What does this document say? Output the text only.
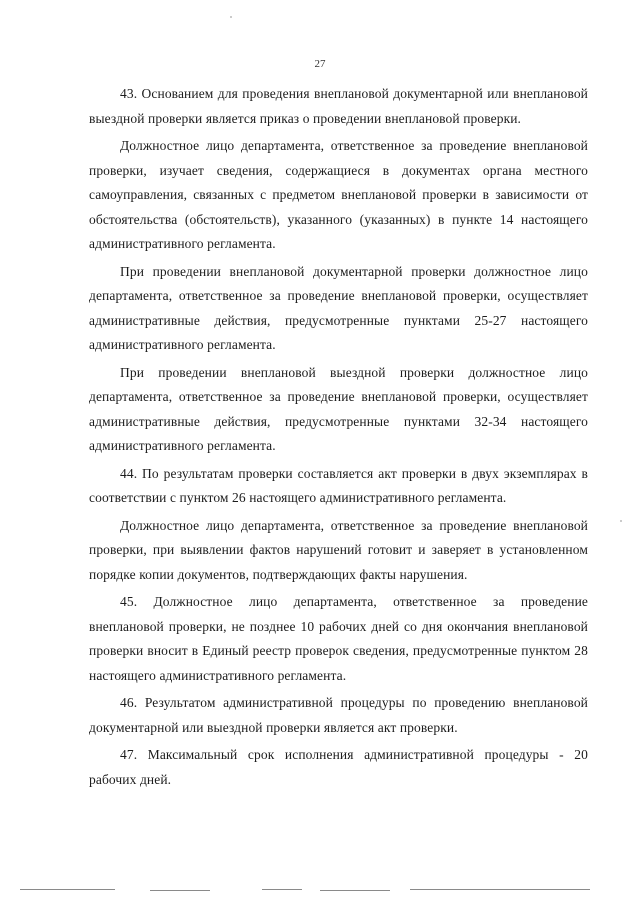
27

43. Основанием для проведения внеплановой документарной или внеплановой выездной проверки является приказ о проведении внеплановой проверки.

Должностное лицо департамента, ответственное за проведение внеплановой проверки, изучает сведения, содержащиеся в документах органа местного самоуправления, связанных с предметом внеплановой проверки в зависимости от обстоятельства (обстоятельств), указанного (указанных) в пункте 14 настоящего административного регламента.

При проведении внеплановой документарной проверки должностное лицо департамента, ответственное за проведение внеплановой проверки, осуществляет административные действия, предусмотренные пунктами 25-27 настоящего административного регламента.

При проведении внеплановой выездной проверки должностное лицо департамента, ответственное за проведение внеплановой проверки, осуществляет административные действия, предусмотренные пунктами 32-34 настоящего административного регламента.

44. По результатам проверки составляется акт проверки в двух экземплярах в соответствии с пунктом 26 настоящего административного регламента.

Должностное лицо департамента, ответственное за проведение внеплановой проверки, при выявлении фактов нарушений готовит и заверяет в установленном порядке копии документов, подтверждающих факты нарушения.

45. Должностное лицо департамента, ответственное за проведение внеплановой проверки, не позднее 10 рабочих дней со дня окончания внеплановой проверки вносит в Единый реестр проверок сведения, предусмотренные пунктом 28 настоящего административного регламента.

46. Результатом административной процедуры по проведению внеплановой документарной или выездной проверки является акт проверки.

47. Максимальный срок исполнения административной процедуры - 20 рабочих дней.
